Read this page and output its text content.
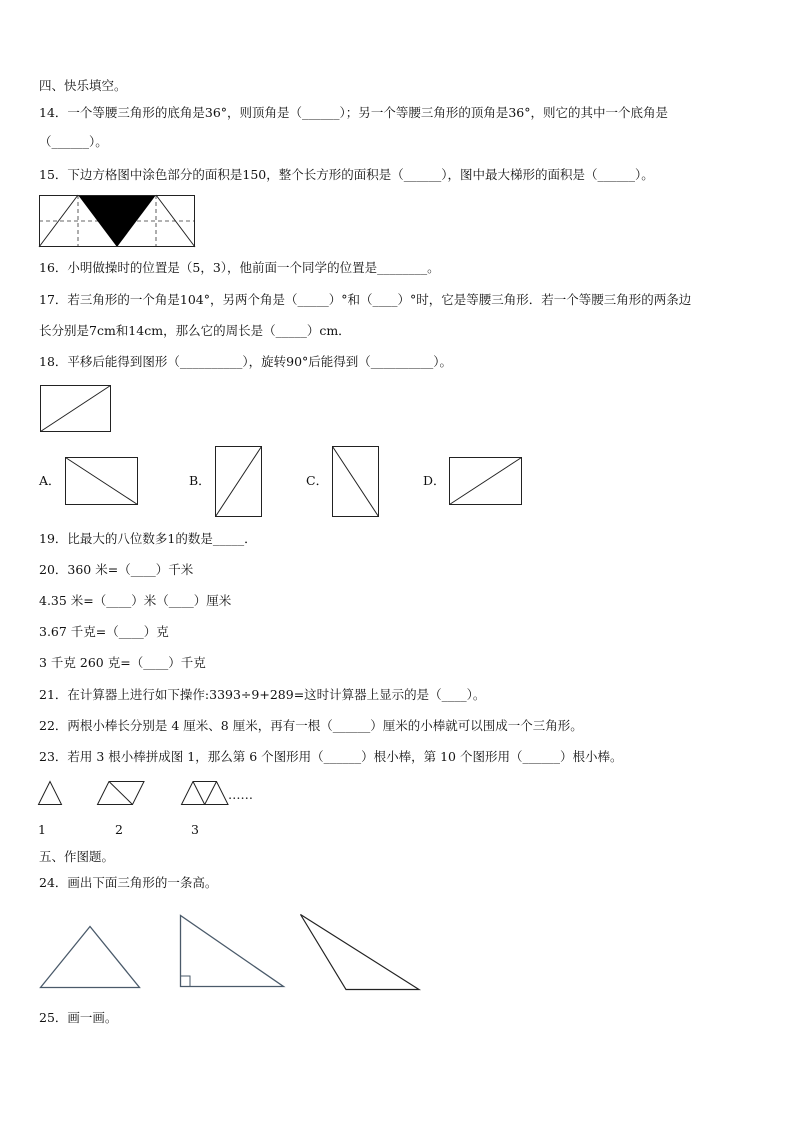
四、快乐填空。
14．一个等腰三角形的底角是36°，则顶角是（______）；另一个等腰三角形的顶角是36°，则它的其中一个底角是
（______）。
15．下边方格图中涂色部分的面积是150，整个长方形的面积是（______），图中最大梯形的面积是（______）。
16．小明做操时的位置是（5，3），他前面一个同学的位置是________。
17．若三角形的一个角是104°，另两个角是（_____）°和（____）°时，它是等腰三角形．若一个等腰三角形的两条边
长分别是7cm和14cm，那么它的周长是（_____）cm．
18．平移后能得到图形（__________），旋转90°后能得到（__________）。
A．	B．	C．	D．
19．比最大的八位数多1的数是_____．
20．360 米=（____）千米
4.35 米=（____）米（____）厘米
3.67 千克=（____）克
3 千克 260 克=（____）千克
21．在计算器上进行如下操作:3393÷9+289=这时计算器上显示的是（____）。
22．两根小棒长分别是 4 厘米、8 厘米，再有一根（______）厘米的小棒就可以围成一个三角形。
23．若用 3 根小棒拼成图 1，那么第 6 个图形用（______）根小棒，第 10 个图形用（______）根小棒。
……
1	2	3
五、作图题。
24．画出下面三角形的一条高。
25．画一画。
